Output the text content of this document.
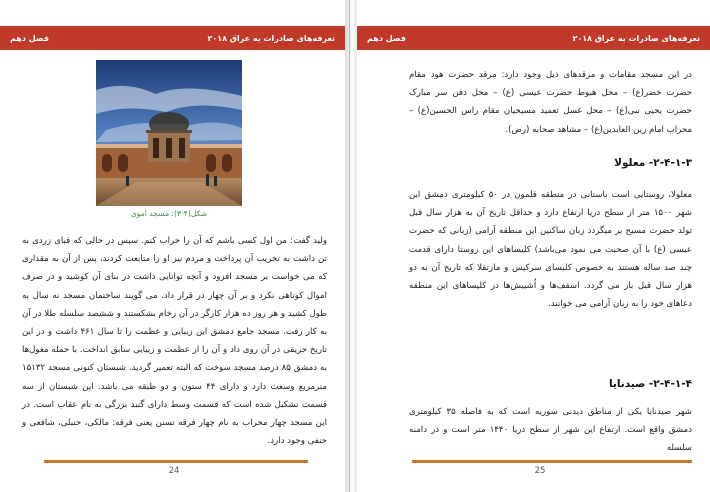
فصل دهم	تعرفه‌های صادرات به عراق ۲۰۱۸
شکل(۴-۳): مسجد اموی

ولید گفت: من اول کسی باشم که آن را خراب کنم. سپس در حالی که قبای زردی به تن داشت به تخریب آن پرداخت و مردم نیز او را متابعت کردند، پس از آن به مقداری که می خواست بر مسجد افزود و آنچه توانایی داشت در بنای آن کوشید و در صرف اموال کوتاهی نکرد و بر آن چهار در قرار داد. می گویند ساختمان مسجد نه سال به طول کشید و هر روز ده هزار کارگر در آن رخام بشکستند و ششصد سلسله طلا در آن به کار رفت. مسجد جامع دمشق این زیبایی و عظمت را تا سال ۴۶۱ داشت و در این تاریخ حریقی در آن روی داد و آن را از عظمت و زیبایی سابق انداخت. با حمله مغول‌ها به دمشق ۸۵ درصد مسجد سوخت که البته تعمیر گردید. شبستان کنونی مسجد ۱۵۱۳۲ مترمربع وسعت دارد و دارای ۴۴ ستون و دو طبقه می باشد. این شبستان از سه قسمت تشکیل شده است که قسمت وسط دارای گنبد بزرگی به نام عقاب است. در این مسجد چهار محراب به نام چهار فرقه تسنن یعنی فرقه: مالکی، حنبلی، شافعی و حنفی وجود دارد.

24
فصل دهم	تعرفه‌های صادرات به عراق ۲۰۱۸

در این مسجد مقامات و مرقدهای ذیل وجود دارد: مرقد حضرت هود مقام حضرت خضر(ع) – محل هبوط حضرت عیسی (ع) – محل دفن سر مبارک حضرت یحیی نبی(ع) – محل غسل تعمید مسیحیان مقام راس الحسین(ع) –محراب امام زین العابدین(ع) – مشاهد صحابه (رض).

۲-۴-۱-۳- معلولا

معلولا، روستایی است باستانی در منطقه قلمون در ۵۰ کیلومتری دمشق این شهر ۱۵۰۰ متر از سطح دریا ارتفاع دارد و حداقل تاریخ آن به هزار سال قبل تولد حضرت مسیح بر میگردد زبان ساکنین این منطقه آرامی (زبانی که حضرت عیسی (ع) با آن صحبت می نمود می‌باشد) کلیساهای این روستا دارای قدمت چند صد ساله هستند به خصوص کلیسای سرکیس و مارتقلا که تاریخ آن به دو هزار سال قبل باز می گردد. اسقف‌ها و اُشبیش‌ها در کلیساهای این منطقه دعاهای خود را به زبان آرامی می خوانند.

۲-۴-۱-۴- صیدنایا

شهر صیدنایا یکی از مناطق دیدنی سوریه است که به فاصله ۳۵ کیلومتری دمشق واقع است. ارتفاع این شهر از سطح دریا ۱۴۴۰ متر است و در دامنه سلسله

25
